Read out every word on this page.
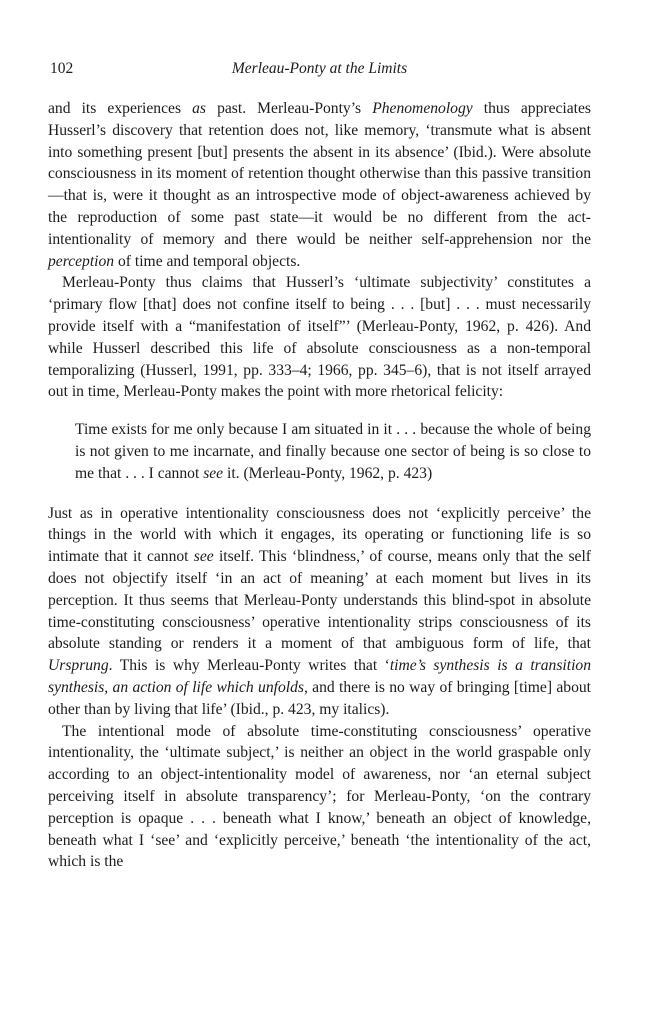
102	Merleau-Ponty at the Limits

and its experiences as past. Merleau-Ponty’s Phenomenology thus appreciates Husserl’s discovery that retention does not, like memory, ‘transmute what is absent into something present [but] presents the absent in its absence’ (Ibid.). Were absolute consciousness in its moment of retention thought otherwise than this passive transition—that is, were it thought as an introspective mode of object-awareness achieved by the reproduction of some past state—it would be no different from the act-intentionality of memory and there would be neither self-apprehension nor the perception of time and temporal objects.

Merleau-Ponty thus claims that Husserl’s ‘ultimate subjectivity’ constitutes a ‘primary flow [that] does not confine itself to being . . . [but] . . . must necessarily provide itself with a “manifestation of itself”’ (Merleau-Ponty, 1962, p. 426). And while Husserl described this life of absolute consciousness as a non-temporal temporalizing (Husserl, 1991, pp. 333–4; 1966, pp. 345–6), that is not itself arrayed out in time, Merleau-Ponty makes the point with more rhetorical felicity:

Time exists for me only because I am situated in it . . . because the whole of being is not given to me incarnate, and finally because one sector of being is so close to me that . . . I cannot see it. (Merleau-Ponty, 1962, p. 423)

Just as in operative intentionality consciousness does not ‘explicitly perceive’ the things in the world with which it engages, its operating or functioning life is so intimate that it cannot see itself. This ‘blindness,’ of course, means only that the self does not objectify itself ‘in an act of meaning’ at each moment but lives in its perception. It thus seems that Merleau-Ponty understands this blind-spot in absolute time-constituting consciousness’ operative intentionality strips consciousness of its absolute standing or renders it a moment of that ambiguous form of life, that Ursprung. This is why Merleau-Ponty writes that ‘time’s synthesis is a transition synthesis, an action of life which unfolds, and there is no way of bringing [time] about other than by living that life’ (Ibid., p. 423, my italics).

The intentional mode of absolute time-constituting consciousness’ operative intentionality, the ‘ultimate subject,’ is neither an object in the world graspable only according to an object-intentionality model of awareness, nor ‘an eternal subject perceiving itself in absolute transparency’; for Merleau-Ponty, ‘on the contrary perception is opaque . . . beneath what I know,’ beneath an object of knowledge, beneath what I ‘see’ and ‘explicitly perceive,’ beneath ‘the intentionality of the act, which is the
